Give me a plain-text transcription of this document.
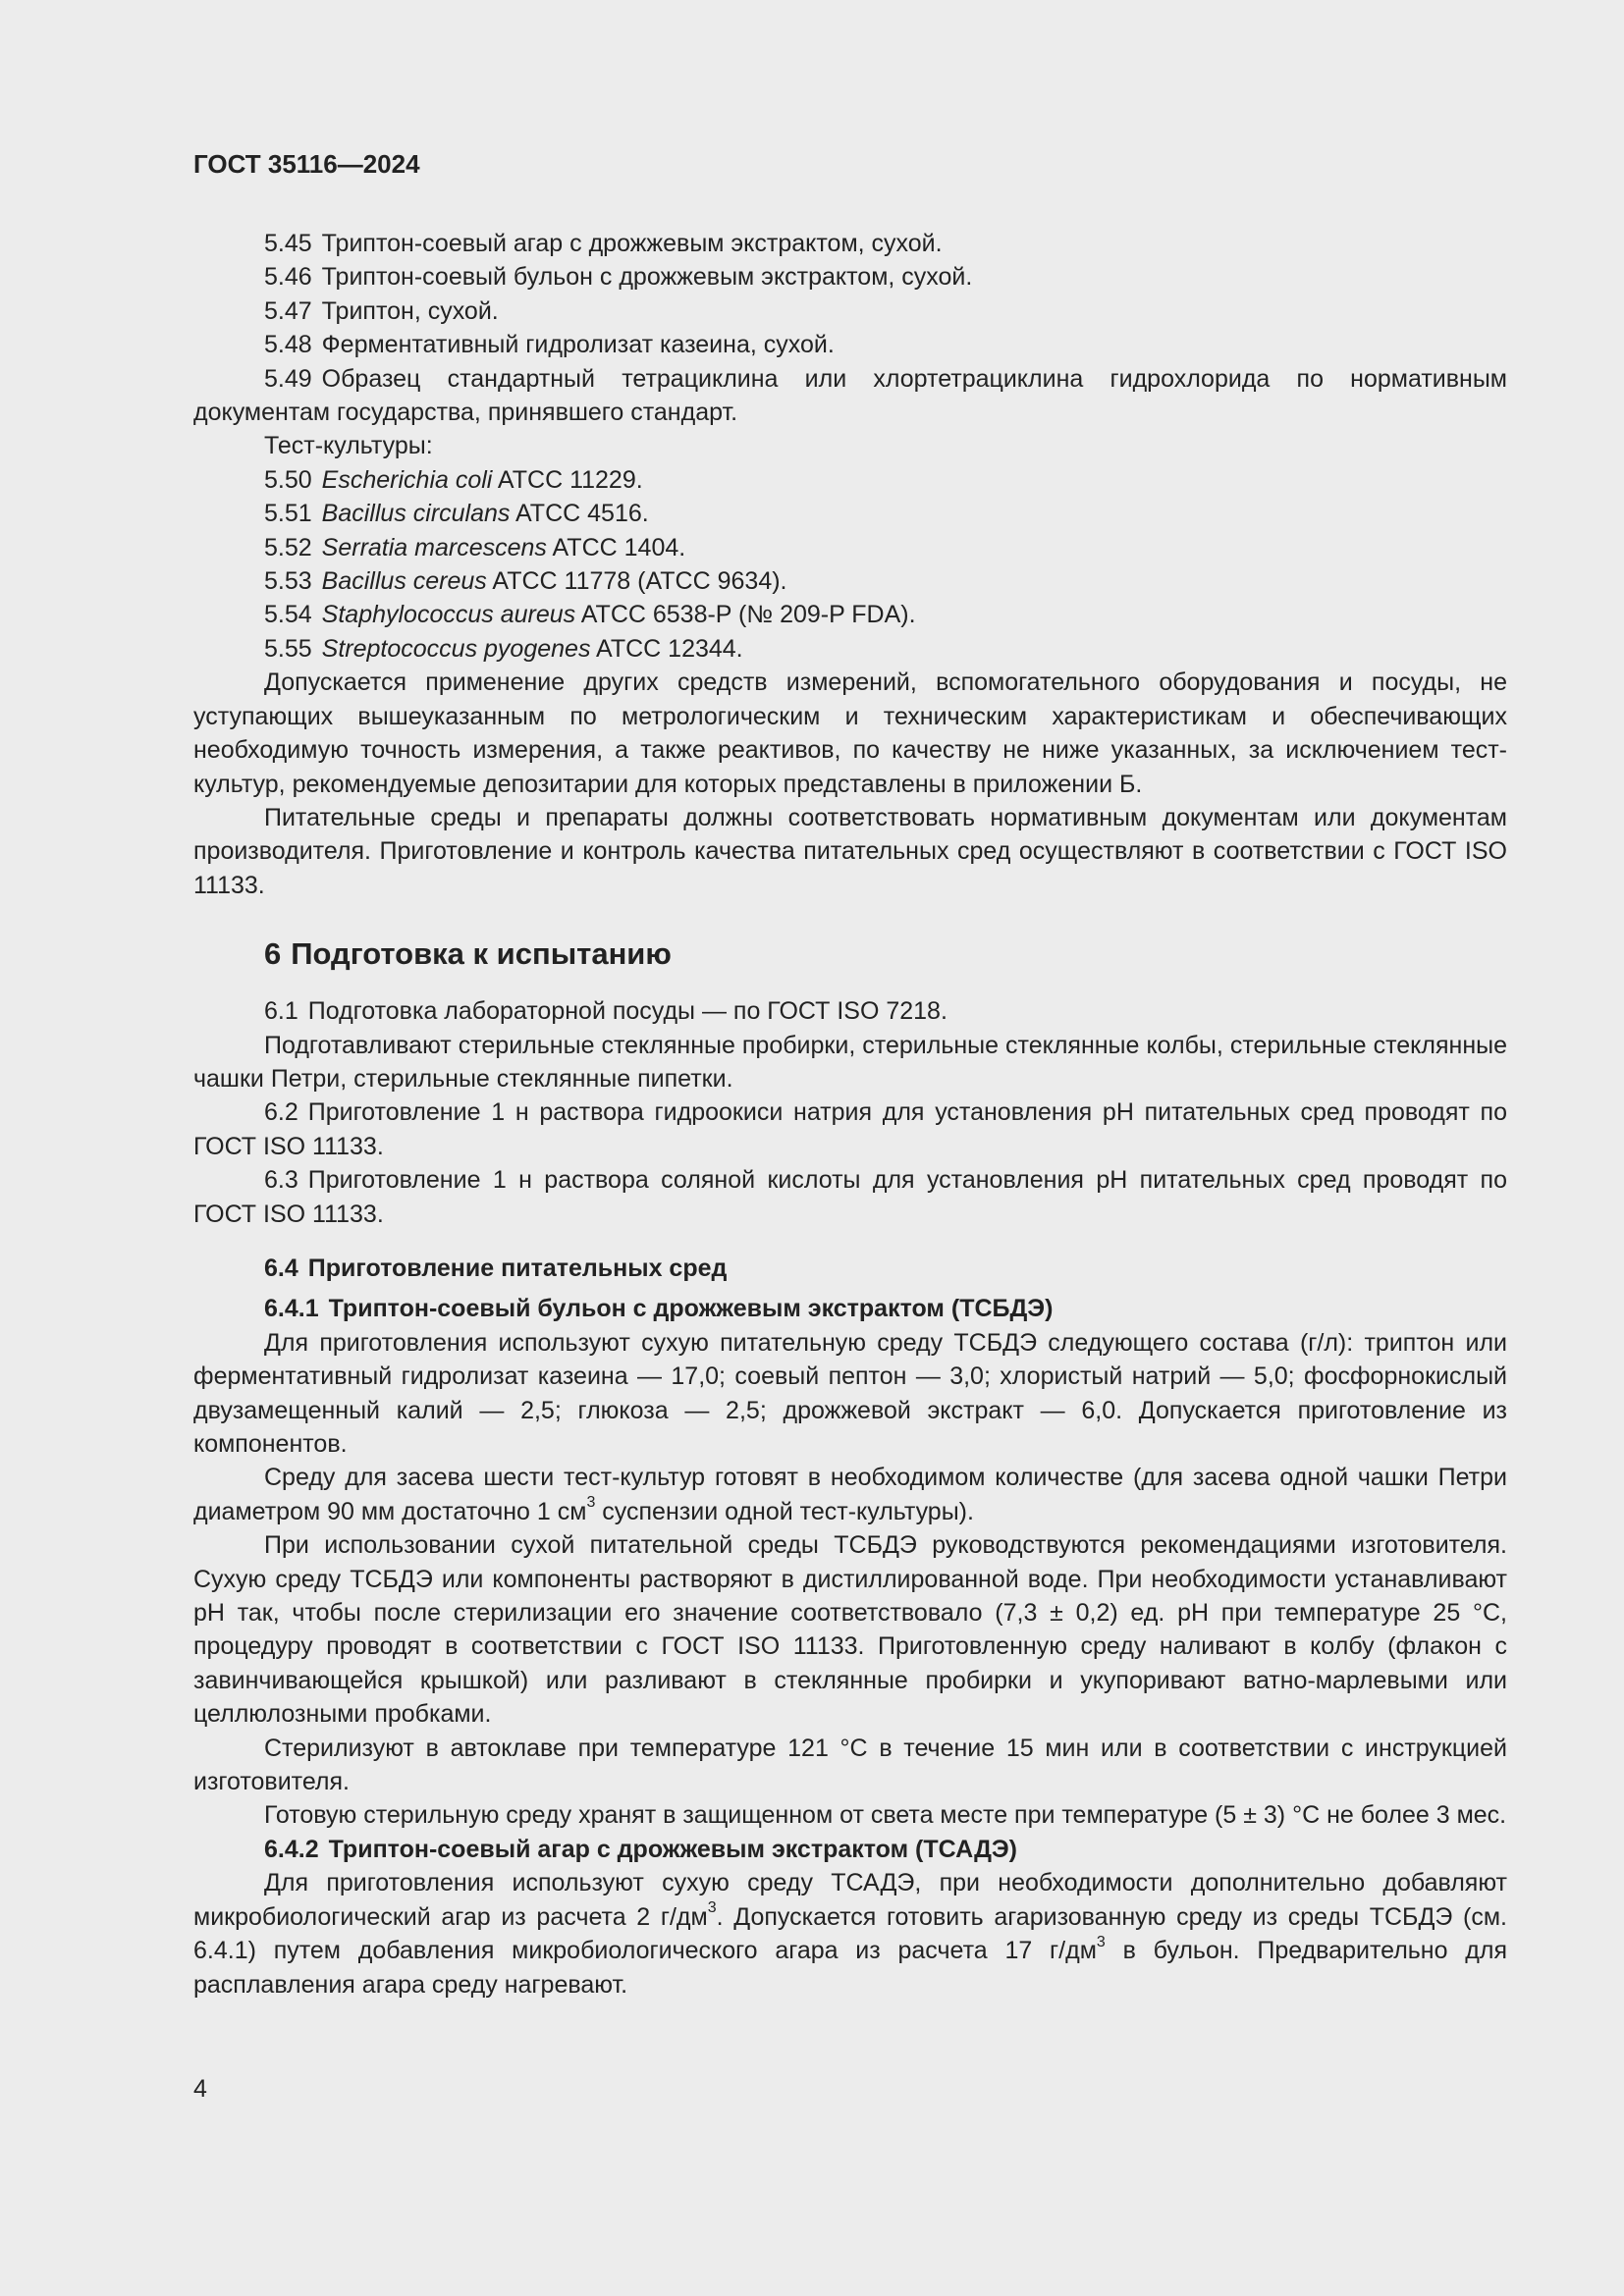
ГОСТ 35116—2024

5.45 Триптон-соевый агар с дрожжевым экстрактом, сухой.

5.46 Триптон-соевый бульон с дрожжевым экстрактом, сухой.

5.47 Триптон, сухой.

5.48 Ферментативный гидролизат казеина, сухой.

5.49 Образец стандартный тетрациклина или хлортетрациклина гидрохлорида по нормативным документам государства, принявшего стандарт.

Тест-культуры:

5.50 Escherichia coli ATCC 11229.

5.51 Bacillus circulans ATCC 4516.

5.52 Serratia marcescens ATCC 1404.

5.53 Bacillus cereus ATCC 11778 (ATCC 9634).

5.54 Staphylococcus aureus ATCC 6538-P (№ 209-P FDA).

5.55 Streptococcus pyogenes ATCC 12344.

Допускается применение других средств измерений, вспомогательного оборудования и посуды, не уступающих вышеуказанным по метрологическим и техническим характеристикам и обеспечивающих необходимую точность измерения, а также реактивов, по качеству не ниже указанных, за исключением тест-культур, рекомендуемые депозитарии для которых представлены в приложении Б.

Питательные среды и препараты должны соответствовать нормативным документам или документам производителя. Приготовление и контроль качества питательных сред осуществляют в соответствии с ГОСТ ISO 11133.

6 Подготовка к испытанию

6.1 Подготовка лабораторной посуды — по ГОСТ ISO 7218.

Подготавливают стерильные стеклянные пробирки, стерильные стеклянные колбы, стерильные стеклянные чашки Петри, стерильные стеклянные пипетки.

6.2 Приготовление 1 н раствора гидроокиси натрия для установления pH питательных сред проводят по ГОСТ ISO 11133.

6.3 Приготовление 1 н раствора соляной кислоты для установления pH питательных сред проводят по ГОСТ ISO 11133.

6.4 Приготовление питательных сред

6.4.1 Триптон-соевый бульон с дрожжевым экстрактом (ТСБДЭ)

Для приготовления используют сухую питательную среду ТСБДЭ следующего состава (г/л): триптон или ферментативный гидролизат казеина — 17,0; соевый пептон — 3,0; хлористый натрий — 5,0; фосфорнокислый двузамещенный калий — 2,5; глюкоза — 2,5; дрожжевой экстракт — 6,0. Допускается приготовление из компонентов.

Среду для засева шести тест-культур готовят в необходимом количестве (для засева одной чашки Петри диаметром 90 мм достаточно 1 $см^3$ суспензии одной тест-культуры).

При использовании сухой питательной среды ТСБДЭ руководствуются рекомендациями изготовителя. Сухую среду ТСБДЭ или компоненты растворяют в дистиллированной воде. При необходимости устанавливают pH так, чтобы после стерилизации его значение соответствовало (7,3 ± 0,2) ед. pH при температуре 25 °С, процедуру проводят в соответствии с ГОСТ ISO 11133. Приготовленную среду наливают в колбу (флакон с завинчивающейся крышкой) или разливают в стеклянные пробирки и укупоривают ватно-марлевыми или целлюлозными пробками.

Стерилизуют в автоклаве при температуре 121 °С в течение 15 мин или в соответствии с инструкцией изготовителя.

Готовую стерильную среду хранят в защищенном от света месте при температуре (5 ± 3) °С не более 3 мес.

6.4.2 Триптон-соевый агар с дрожжевым экстрактом (ТСАДЭ)

Для приготовления используют сухую среду ТСАДЭ, при необходимости дополнительно добавляют микробиологический агар из расчета 2 $г/дм^3$. Допускается готовить агаризованную среду из среды ТСБДЭ (см. 6.4.1) путем добавления микробиологического агара из расчета 17 $г/дм^3$ в бульон. Предварительно для расплавления агара среду нагревают.

4
